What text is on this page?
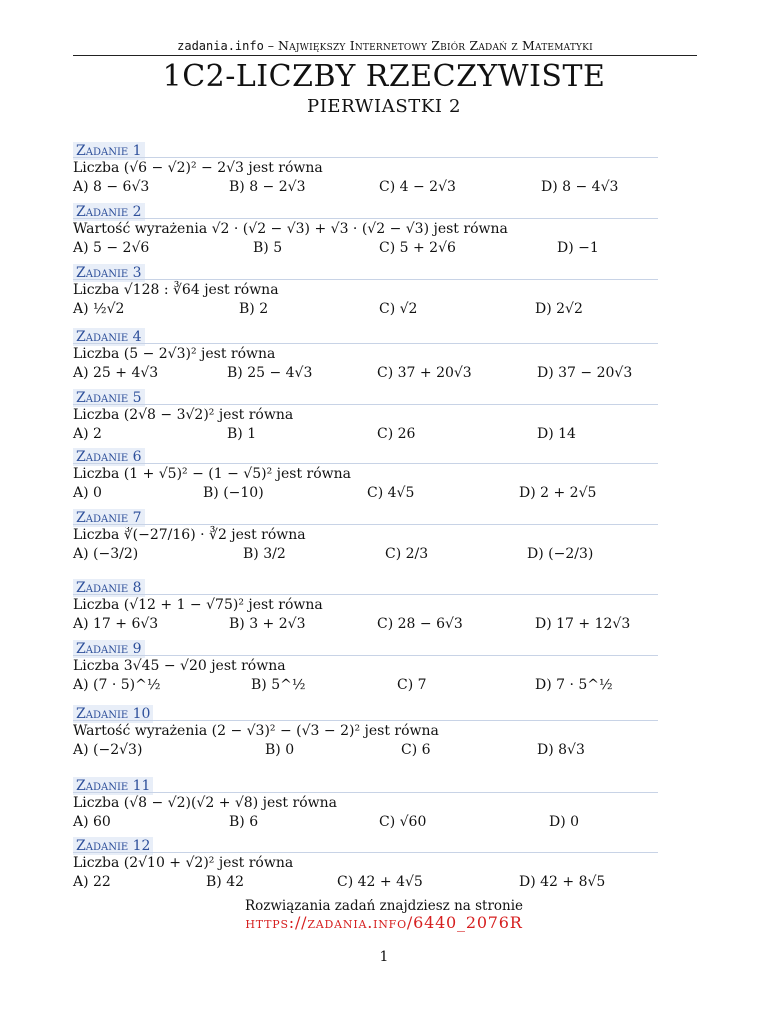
zadania.info – Największy Internetowy Zbiór Zadań z Matematyki
1C2-LICZBY RZECZYWISTE
PIERWIASTKI 2
Zadanie 1
Liczba (√6 − √2)² − 2√3 jest równa
A) 8 − 6√3	B) 8 − 2√3	C) 4 − 2√3	D) 8 − 4√3
Zadanie 2
Wartość wyrażenia √2 · (√2 − √3) + √3 · (√2 − √3) jest równa
A) 5 − 2√6	B) 5	C) 5 + 2√6	D) −1
Zadanie 3
Liczba √128 : ∛64 jest równa
A) ½√2	B) 2	C) √2	D) 2√2
Zadanie 4
Liczba (5 − 2√3)² jest równa
A) 25 + 4√3	B) 25 − 4√3	C) 37 + 20√3	D) 37 − 20√3
Zadanie 5
Liczba (2√8 − 3√2)² jest równa
A) 2	B) 1	C) 26	D) 14
Zadanie 6
Liczba (1 + √5)² − (1 − √5)² jest równa
A) 0	B) (−10)	C) 4√5	D) 2 + 2√5
Zadanie 7
Liczba ∛(−27/16) · ∛2 jest równa
A) (−3/2)	B) 3/2	C) 2/3	D) (−2/3)
Zadanie 8
Liczba (√12 + 1 − √75)² jest równa
A) 17 + 6√3	B) 3 + 2√3	C) 28 − 6√3	D) 17 + 12√3
Zadanie 9
Liczba 3√45 − √20 jest równa
A) (7 · 5)^½	B) 5^½	C) 7	D) 7 · 5^½
Zadanie 10
Wartość wyrażenia (2 − √3)² − (√3 − 2)² jest równa
A) (−2√3)	B) 0	C) 6	D) 8√3
Zadanie 11
Liczba (√8 − √2)(√2 + √8) jest równa
A) 60	B) 6	C) √60	D) 0
Zadanie 12
Liczba (2√10 + √2)² jest równa
A) 22	B) 42	C) 42 + 4√5	D) 42 + 8√5
Rozwiązania zadań znajdziesz na stronie
https://zadania.info/6440_2076R
1
